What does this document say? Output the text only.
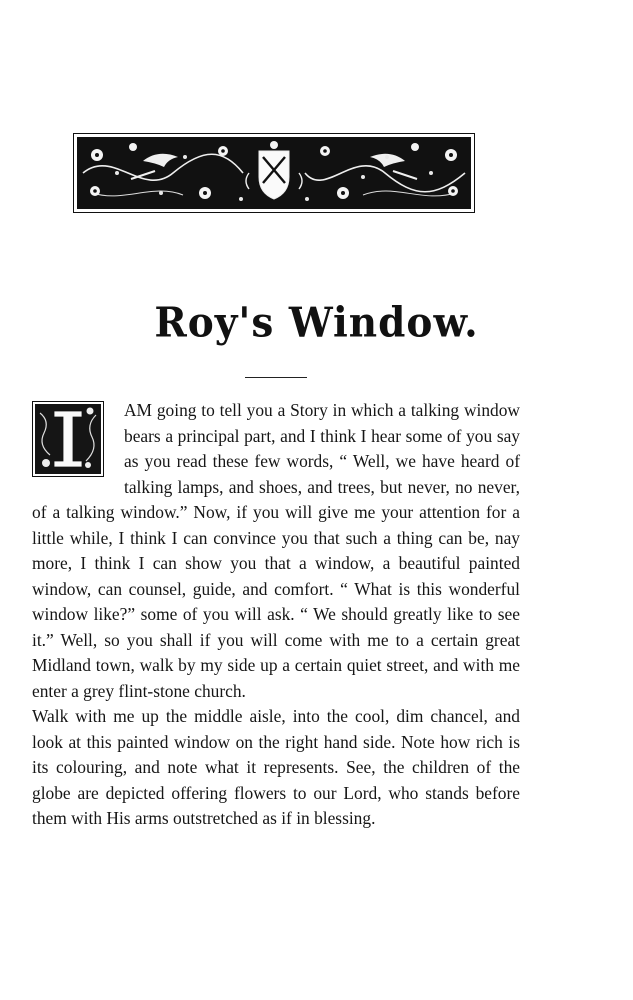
Roy's Window.

AM going to tell you a Story in which a talking window bears a principal part, and I think I hear some of you say as you read these few words, “ Well, we have heard of talking lamps, and shoes, and trees, but never, no never, of a talking window.” Now, if you will give me your attention for a little while, I think I can convince you that such a thing can be, nay more, I think I can show you that a window, a beautiful painted window, can counsel, guide, and comfort. “ What is this wonderful window like?” some of you will ask. “ We should greatly like to see it.” Well, so you shall if you will come with me to a certain great Midland town, walk by my side up a certain quiet street, and with me enter a grey flint-stone church.

Walk with me up the middle aisle, into the cool, dim chancel, and look at this painted window on the right hand side. Note how rich is its colouring, and note what it represents. See, the children of the globe are depicted offering flowers to our Lord, who stands before them with His arms outstretched as if in blessing.
